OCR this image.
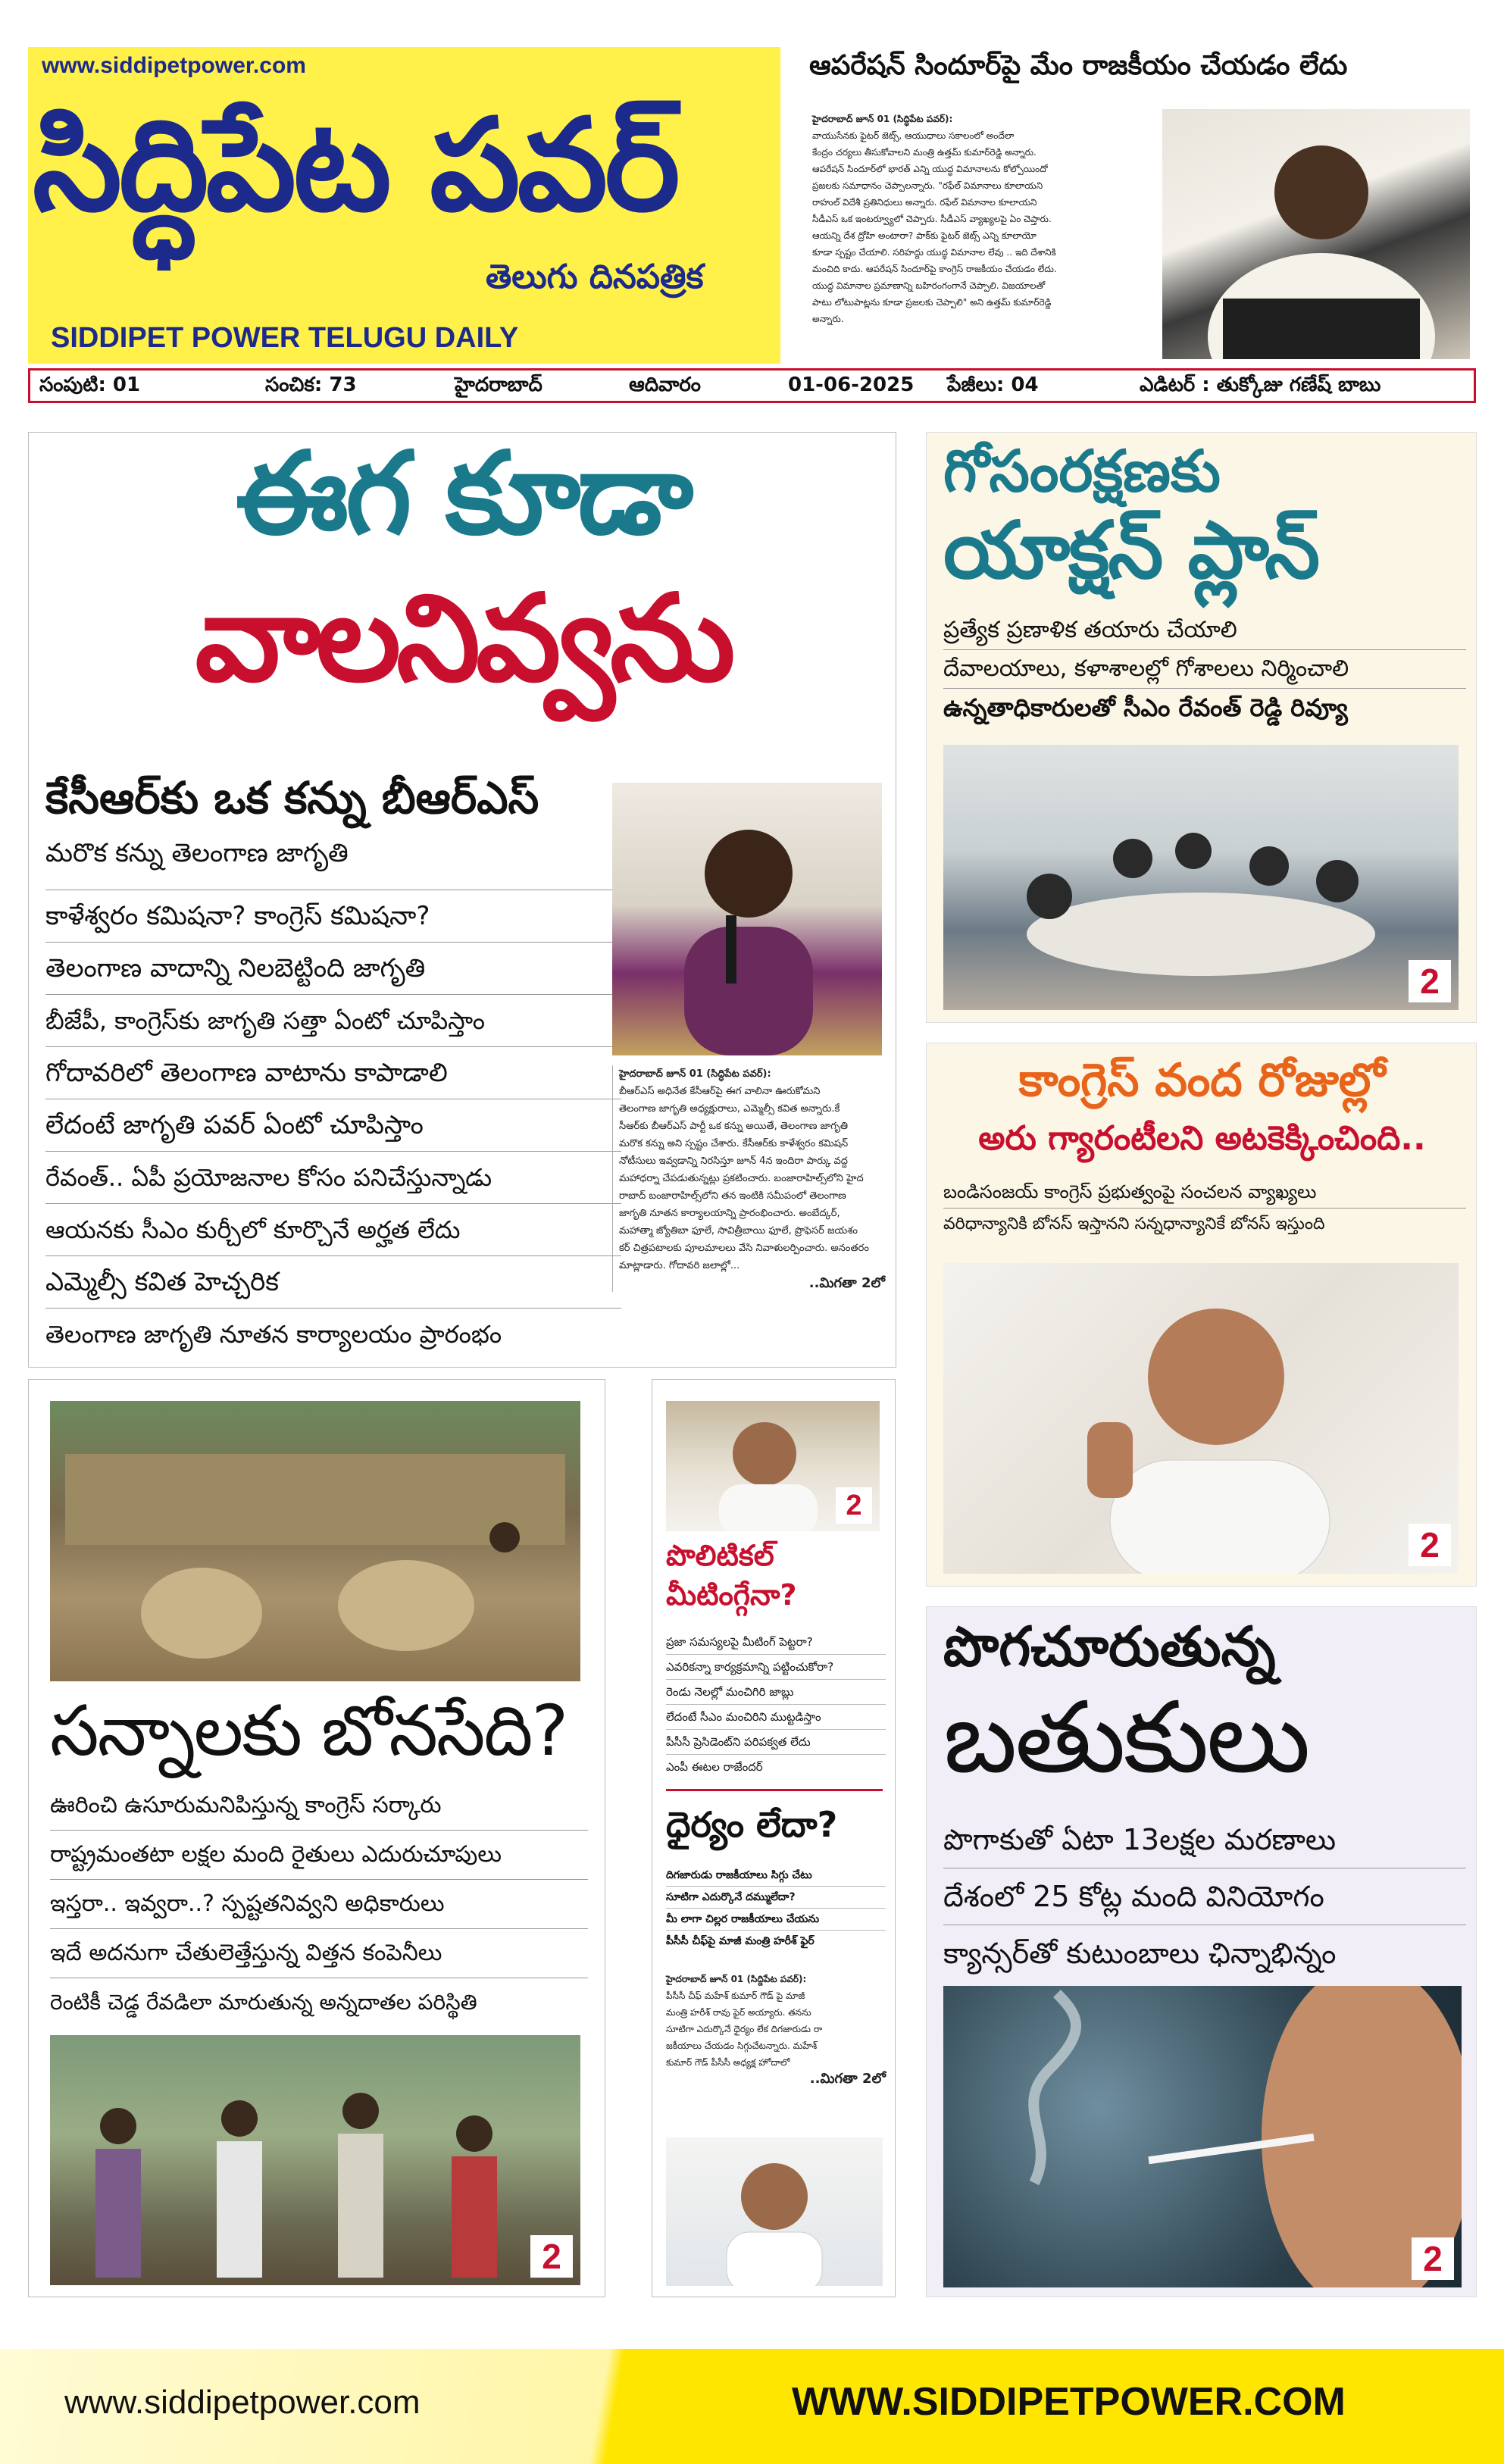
www.siddipetpower.com
సిద్ధిపేట పవర్
తెలుగు దినపత్రిక
SIDDIPET POWER TELUGU DAILY
ఆపరేషన్ సిందూర్‌పై మేం రాజకీయం చేయడం లేదు
హైదరాబాద్ జూన్ 01 (సిద్ధిపేట పవర్):
వాయుసేనకు ఫైటర్ జెట్స్, ఆయుధాలు సకాలంలో అందేలా
కేంద్రం చర్యలు తీసుకోవాలని మంత్రి ఉత్తమ్ కుమార్‌రెడ్డి అన్నారు.
ఆపరేషన్ సిందూర్‌లో భారత్ ఎన్ని యుద్ధ విమానాలను కోల్పోయిందో
ప్రజలకు సమాధానం చెప్పాలన్నారు. "రఫేల్ విమానాలు కూలాయని
రాహుల్ విదేశీ ప్రతినిధులు అన్నారు. రఫేల్ విమానాల కూలాయని
సీడీఎస్ ఒక ఇంటర్వ్యూలో చెప్పారు. సీడీఎస్ వ్యాఖ్యలపై ఏం చెప్తారు.
ఆయన్ని దేశ ద్రోహి అంటారా? పాక్‌కు ఫైటర్ జెట్స్ ఎన్ని కూలాయో
కూడా స్పష్టం చేయాలి. సరిహద్దు యుద్ధ విమానాల లేవు .. ఇది దేశానికి
మంచిది కాదు. ఆపరేషన్ సిందూర్‌పై కాంగ్రెస్ రాజకీయం చేయడం లేదు.
యుద్ధ విమానాల ప్రమాణాన్ని బహిరంగంగానే చెప్పాలి. విజయాలతో
పాటు లోటుపాట్లను కూడా ప్రజలకు చెప్పాలి" అని ఉత్తమ్ కుమార్‌రెడ్డి
అన్నారు.
సంపుటి: 01	సంచిక: 73	హైదరాబాద్	ఆదివారం	01-06-2025 పేజీలు: 04	ఎడిటర్ : తుక్కోజు గణేష్ బాబు
ఈగ కూడా
వాలనివ్వను
కేసీఆర్‌కు ఒక కన్ను బీఆర్ఎస్
మరొక కన్ను తెలంగాణ జాగృతి
కాళేశ్వరం కమిషనా? కాంగ్రెస్ కమిషనా?
తెలంగాణ వాదాన్ని నిలబెట్టింది జాగృతి
బీజేపీ, కాంగ్రెస్‌కు జాగృతి సత్తా ఏంటో చూపిస్తాం
గోదావరిలో తెలంగాణ వాటాను కాపాడాలి
లేదంటే జాగృతి పవర్ ఏంటో చూపిస్తాం
రేవంత్.. ఏపీ ప్రయోజనాల కోసం పనిచేస్తున్నాడు
ఆయనకు సీఎం కుర్చీలో కూర్చొనే అర్హత లేదు
ఎమ్మెల్సీ కవిత హెచ్చరిక
తెలంగాణ జాగృతి నూతన కార్యాలయం ప్రారంభం
హైదరాబాద్ జూన్ 01 (సిద్ధిపేట పవర్):
బీఆర్ఎస్ అధినేత కేసీఆర్‌పై ఈగ వాలినా ఊరుకోమని
తెలంగాణ జాగృతి అధ్యక్షురాలు, ఎమ్మెల్సీ కవిత అన్నారు.కే
సీఆర్‌కు బీఆర్ఎస్ పార్టీ ఒక కన్ను అయితే, తెలంగాణ జాగృతి
మరొక కన్ను అని స్పష్టం చేశారు. కేసీఆర్‌కు కాళేశ్వరం కమిషన్
నోటీసులు ఇవ్వడాన్ని నిరసిస్తూ జూన్ 4న ఇందిరా పార్కు వద్ద
మహాధర్నా చేపడుతున్నట్లు ప్రకటించారు. బంజారాహిల్స్‌లోని హైద
రాబాద్ బంజారాహిల్స్‌లోని తన ఇంటికి సమీపంలో తెలంగాణ
జాగృతి నూతన కార్యాలయాన్ని ప్రారంభించారు. అంబేద్కర్,
మహాత్మా జ్యోతిబా ఫూలే, సావిత్రీబాయి ఫూలే, ప్రొఫెసర్ జయశం
కర్ చిత్రపటాలకు పూలమాలలు వేసి నివాళులర్పించారు. అనంతరం
మాట్లాడారు. గోదావరి జలాల్లో...
..మిగతా 2లో
గోసంరక్షణకు
యాక్షన్ ప్లాన్
ప్రత్యేక ప్రణాళిక తయారు చేయాలి
దేవాలయాలు, కళాశాలల్లో గోశాలలు నిర్మించాలి
ఉన్నతాధికారులతో సీఎం రేవంత్ రెడ్డి రివ్యూ
2
కాంగ్రెస్ వంద రోజుల్లో
అరు గ్యారంటీలని అటకెక్కించింది..
బండిసంజయ్ కాంగ్రెస్ ప్రభుత్వంపై సంచలన వ్యాఖ్యలు
వరిధాన్యానికి బోనస్ ఇస్తానని సన్నధాన్యానికే బోనస్ ఇస్తుంది
2
సన్నాలకు బోనసేది?
ఊరించి ఉసూరుమనిపిస్తున్న కాంగ్రెస్ సర్కారు
రాష్ట్రమంతటా లక్షల మంది రైతులు ఎదురుచూపులు
ఇస్తరా.. ఇవ్వరా..? స్పష్టతనివ్వని అధికారులు
ఇదే అదనుగా చేతులెత్తేస్తున్న విత్తన కంపెనీలు
రెంటికీ చెడ్డ రేవడిలా మారుతున్న అన్నదాతల పరిస్థితి
2
2
పొలిటికల్
మీటింగ్గేనా?
ప్రజా సమస్యలపై మీటింగ్ పెట్టరా?
ఎవరికన్నా కార్యక్రమాన్ని పట్టించుకోరా?
రెండు నెలల్లో మంచిగిరి జాబ్లు
లేదంటే సీఎం మంచిరిని ముట్టడిస్తాం
పీసీసీ ప్రెసిడెంట్‌ని పరిపక్వత లేదు
ఎంపీ ఈటల రాజేందర్
ధైర్యం లేదా?
దిగజారుడు రాజకీయాలు సిగ్గు చేటు
సూటిగా ఎదుర్కొనే దమ్ములేదా?
మీ లాగా చిల్లర రాజకీయాలు చేయను
పీసీసీ చీఫ్‌పై మాజీ మంత్రి హరీశ్ ఫైర్
హైదరాబాద్ జూన్ 01 (సిద్దిపేట పవర్):
పీసీసీ చీఫ్ మహేశ్ కుమార్ గౌడ్ పై మాజీ
మంత్రి హరీశ్ రావు ఫైర్ అయ్యారు. తనను
సూటిగా ఎదుర్కొనే ధైర్యం లేక దిగజారుడు రా
జకీయాలు చేయడం సిగ్గుచేటన్నారు. మహేశ్
కుమార్ గౌడ్ పీసీసీ అధ్యక్ష హోదాలో
..మిగతా 2లో
పొగచూరుతున్న
బతుకులు
పొగాకుతో ఏటా 13లక్షల మరణాలు
దేశంలో 25 కోట్ల మంది వినియోగం
క్యాన్సర్‌తో కుటుంబాలు ఛిన్నాభిన్నం
2
www.siddipetpower.com	WWW.SIDDIPETPOWER.COM
